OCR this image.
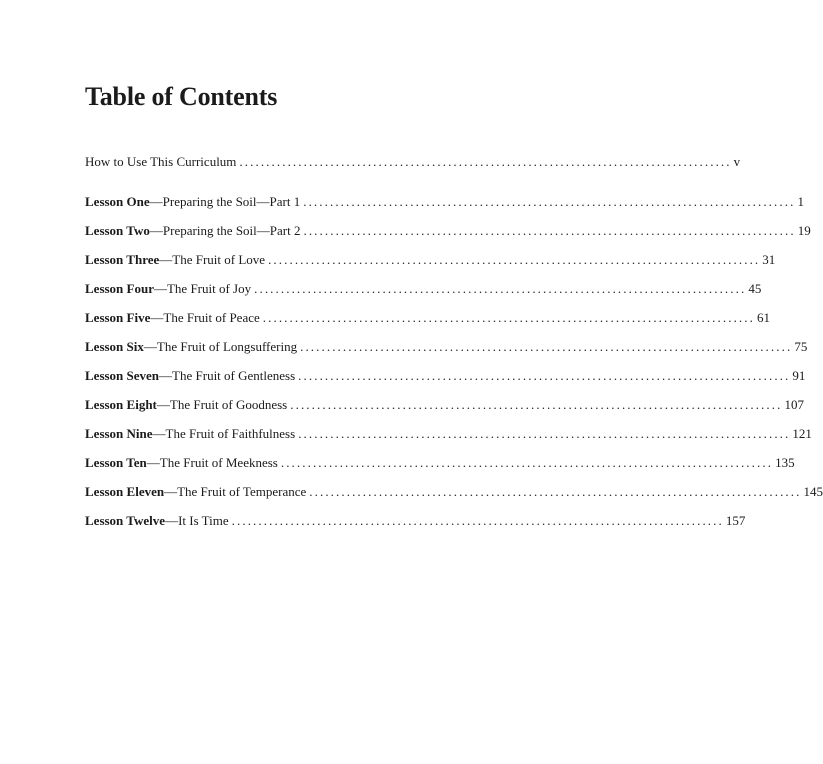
Table of Contents
How to Use This Curriculum ............................................................................................ v
Lesson One—Preparing the Soil—Part 1 ............................................................................................ 1
Lesson Two—Preparing the Soil—Part 2 ............................................................................................ 19
Lesson Three—The Fruit of Love ............................................................................................ 31
Lesson Four—The Fruit of Joy ............................................................................................ 45
Lesson Five—The Fruit of Peace ............................................................................................ 61
Lesson Six—The Fruit of Longsuffering ............................................................................................ 75
Lesson Seven—The Fruit of Gentleness ............................................................................................ 91
Lesson Eight—The Fruit of Goodness ............................................................................................ 107
Lesson Nine—The Fruit of Faithfulness ............................................................................................ 121
Lesson Ten—The Fruit of Meekness ............................................................................................ 135
Lesson Eleven—The Fruit of Temperance ............................................................................................ 145
Lesson Twelve—It Is Time ............................................................................................ 157
